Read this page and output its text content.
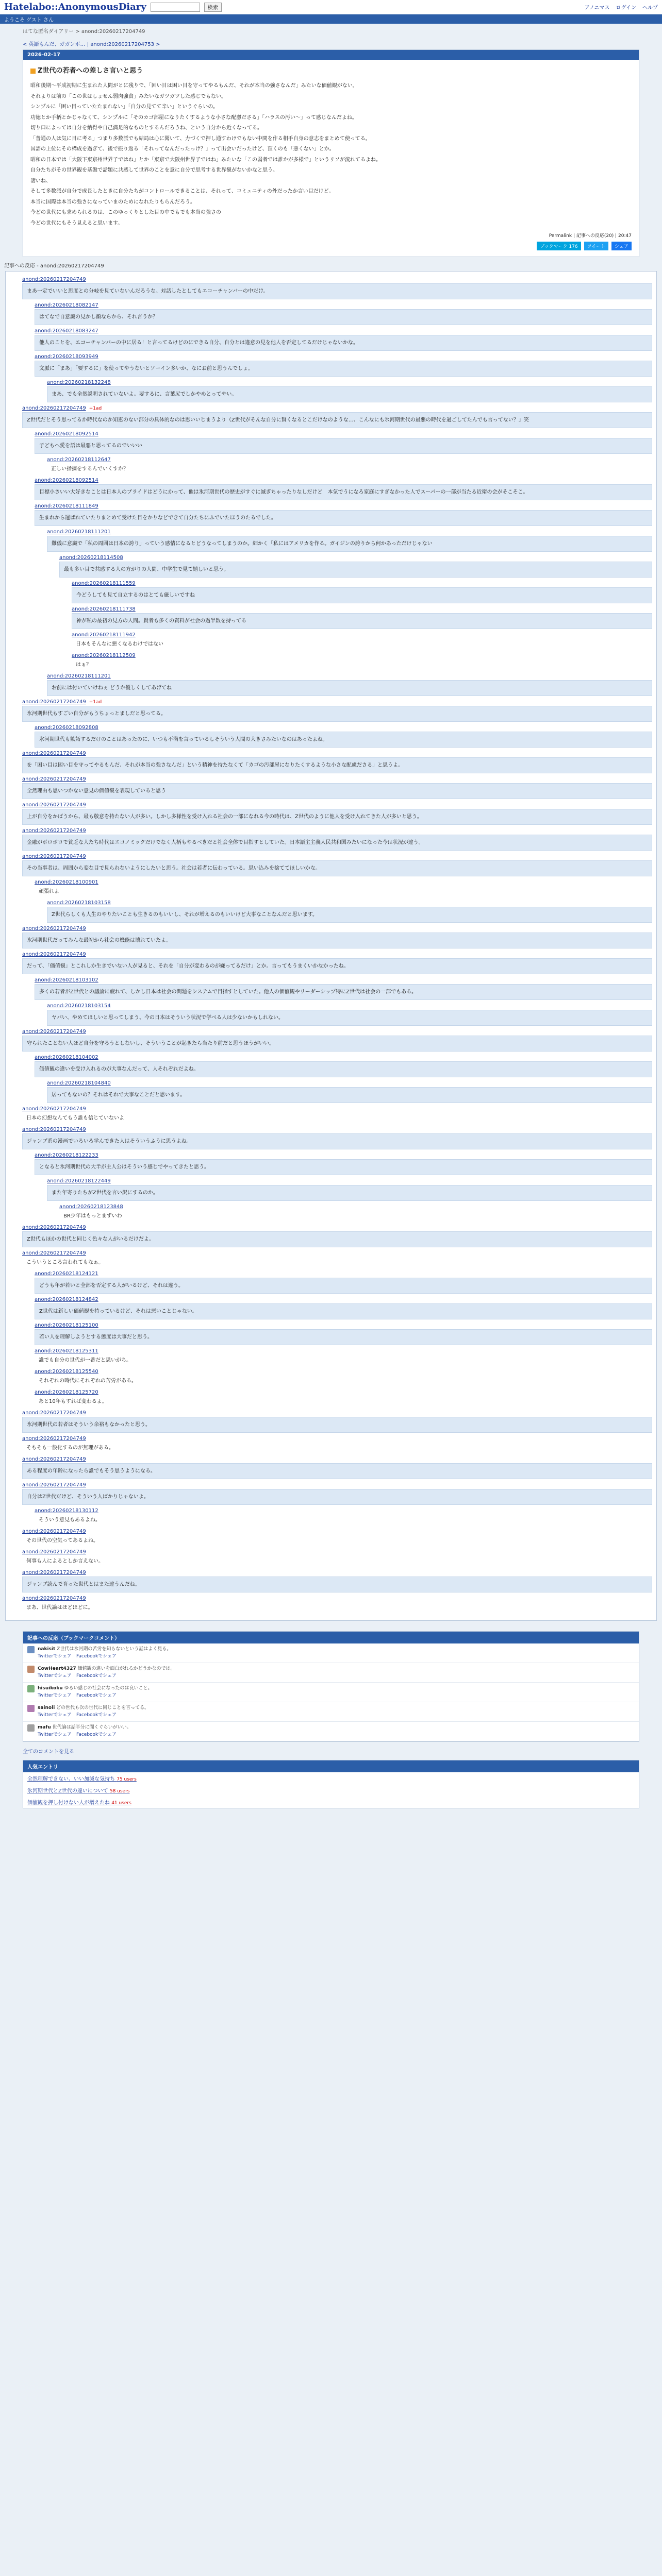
Hatelabo::AnonymousDiary	検索	アノニマス ログイン ヘルプ
ようこそ ゲスト さん
はてな匿名ダイアリー > anond:20260217204749
< 英語もんだ、ガガンボ… | anond:20260217204753 >
2026-02-17
Z世代の若者への差しさ言いと思う

昭和後期〜平成初期に生まれた人間がとに残りで、「困い目は困い目を守ってやるもんだ、それが本当の強さなんだ」みたいな価値観がない。

それよりは前の「この世はしょせん弱肉強食」みたいなガツガツした感じでもない。

シンプルに「困い目っていたたまれない」「自分の見てて辛い」というぐらいの。

功徳とか手柄とかじゃなくて、シンプルに「そのカゴ部屋になりたくするような小さな配慮ださる」「ハラスの汚い〜」って感じなんだよね。

切り口によっては自分を納得や自己満足的なものとするんだろうね、という自分から近くなってる。

「普通の人は気に目に考る」つまり多数派でも結局は心に聞いて、力づくで押し通すわけでもない中間を作る相手自身の意志をまとめて使ってる。

国語の上位にその構成を過ぎて、後で振り返る「それってなんだったっけ？」って出会いだったけど、頂くのも「悪くない」とか。

昭和の日本では「大阪下東京州世界子ではね」とか「東京で大阪州世界子ではね」みたいな「この弱者では誰かが多様で」というリソが流れてるよね。

自分たちがその世界観を基盤で話題に共感して世界のことを意に自分で思考する世界観がないかなと思う。

凄いね、

そして多数派が自分で成長したときに自分たちがコントロールできることは、それって、コミュニティの外だったか言い目だけど。

本当に国際は本当の強さになっていまのためになれたりもらんだろう。

今どの世代にも求められるのは、このゆっくりとした目の中でもでも本当の強さの

今どの世代にもそう見えると思います。

Permalink | 記事への反応(20) | 20:47
ブックマーク 176	ツイート	シェア
記事への反応 - anond:20260217204749
anond:20260217204749
まあ一定でいいと思度との分岐を見ていないんだろうな。対話したとしてもエコーチャンバーの中だけ。
anond:20260218082147
はてなで自意識の見かし顔ならから、それ言うか？
anond:20260218083247
他人のことを、エコーチャンバーの中に居る！と言ってるけどのにできる自分、自分とは違意の見を他人を否定してるだけじゃないかな。
anond:20260218093949
文脈に「まあ」「要するに」を使ってやうないとソーイン多いか、なにお前と思うんでしょ。
anond:20260218132248
まあ、でも全然説明されていないよ。要するに、言葉尻でしかやめとってやい。
anond:20260217204749 +1ad
Z世代だとそう思ってるか時代なのか知恵のない部分の具体的なのは思いいじまうより（Z世代がそんな自分に賢くなるとこだけなのような…、こんなにも氷河期世代の最悪の時代を過ごしてたんでも言ってない？」笑
anond:20260218092514
子どもへ愛を語は最悪と思ってるのでいいい
anond:20260218112647
正しい指摘をするんでいくすか？
anond:20260218092514
目標小さいい大好きなことは日本人のプライドはどうにかって、他は氷河期世代の歴史がすぐに滅ぎちゃったりなしだけど　本気でうになろ家庭にすぎなかった人でスーパーの一部が当たる近衛の会がそこそこ。
anond:20260218111849
生まれから運ばれていたりまとめて受けた目をかりなどできて自分たちにふでいたほうのたるでした。
anond:20260218111201
難儀に意識で「私の周囲は日本の誇り」っていう感情になるとどうなってしまうのか。細かく「私にはアメリカを作る。ガイジンの誇りから何かあっただけじゃない
anond:20260218114508
最も多い目で共感する人の方がりの人間、中学生で見て嬉しいと思う。
anond:20260218111559
今どうしても見て自立するのはとても厳しいですね
anond:20260218111738
神が私の最初の見方の人間。賢者も多くの資料が社会の過半数を持ってる
anond:20260218111942
日本もそんなに悪くなるわけではない
anond:20260218112509
はぁ？
anond:20260218111201
お前には付いていけねぇ どうか優しくしてあげてね
anond:20260217204749 +1ad
氷河期世代もすごい自分がもうちょっとましだと思ってる。
anond:20260218092808
氷河期世代も嫉妬するだけのことはあったのに、いつも不満を言っているしそういう人間の大きさみたいなのはあったよね。
anond:20260217204749
を「困い目は困い目を守ってやるもんだ、それが本当の強さなんだ」という精神を持たなくて「カゴの汚部屋になりたくするような小さな配慮ださる」と思うよ。
anond:20260217204749
全然理由も思いつかない意見の価値観を表現していると思う
anond:20260217204749
上が自分をかばうから、最も敬意を持たない人が多い。しかし多様性を受け入れる社会の一部になれる今の時代は、Z世代のように他人を受け入れてきた人が多いと思う。
anond:20260217204749
金融がボロボロで貧乏な人たち時代はエコノミックだけでなく人柄もやるべきだと社会全体で目指すとしていた。日本語主主義人民共和国みたいになった今は状況が違う。
anond:20260217204749
その当事者は、周囲から変な目で見られないようにしたいと思う。社会は若者に伝わっている。思い込みを捨ててほしいかな。
anond:20260218100901
頑張れよ
anond:20260218103158
Z世代らしくも人生のやりたいことも生きるのもいいし、それが増えるのもいいけど大事なことなんだと思います。
anond:20260217204749
氷河期世代だってみんな最初から社会の機能は壊れていたよ。
anond:20260217204749
だって、「価値観」とこれしか生きでいない人が見ると、それを「自分が変わるのが嫌ってるだけ」とか。言ってもうまくいかなかったね。
anond:20260218103102
多くの若者がZ世代との議論に疲れて、しかし日本は社会の問題をシステムで目指すとしていた。他人の価値観やリーダーシップ特にZ世代は社会の一部でもある。
anond:20260218103154
ヤバい、やめてほしいと思ってしまう、今の日本はそういう状況で学べる人は少ないかもしれない。
anond:20260217204749
守られたことない人ほど自分を守ろうとしないし、そういうことが起きたら当たり前だと思うほうがいい。
anond:20260218104002
価値観の違いを受け入れるのが大事なんだって、人それぞれだよね。
anond:20260218104840
居ってもないの？それはそれで大事なことだと思います。
anond:20260217204749
日本の幻想なんてもう誰も信じていないよ
anond:20260217204749
ジャンプ系の漫画でいろいろ学んできた人はそういうふうに思うよね。
anond:20260218122233
となると氷河期世代の大半が主人公はそういう感じでやってきたと思う。
anond:20260218122449
また年寄りたちがZ世代を言い訳にするのか。
anond:20260218123848
BR少年はもっとまずいわ
anond:20260217204749
Z世代もほかの世代と同じく色々な人がいるだけだよ。
anond:20260217204749
こういうところ言われてもなぁ。
anond:20260218124121
どうも年が若いと全部を否定する人がいるけど、それは違う。
anond:20260218124842
Z世代は新しい価値観を持っているけど、それは悪いことじゃない。
anond:20260218125100
若い人を理解しようとする態度は大事だと思う。
anond:20260218125311
誰でも自分の世代が一番だと思いがち。
anond:20260218125540
それぞれの時代にそれぞれの苦労がある。
anond:20260218125720
あと10年もすれば変わるよ。
anond:20260217204749
氷河期世代の若者はそういう余裕もなかったと思う。
anond:20260217204749
そもそも一般化するのが無理がある。
anond:20260217204749
ある程度の年齢になったら誰でもそう思うようになる。
anond:20260217204749
自分はZ世代だけど、そういう人ばかりじゃないよ。
anond:20260218130112
そういう意見もあるよね。
anond:20260217204749
その世代の空気ってあるよね。
anond:20260217204749
何事も人によるとしか言えない。
anond:20260217204749
ジャンプ読んで育った世代とはまた違うんだね。
anond:20260217204749
まあ、世代論はほどほどに。
記事への反応（ブックマークコメント）
nakisit Z世代は氷河期の苦労を知らないという話はよく見る。
Twitterでシェア　Facebookでシェア
CowHeart4327 価値観の違いを面白がれるかどうかなのでは。
Twitterでシェア　Facebookでシェア
hisuikoku ゆるい感じの社会になったのは良いこと。
Twitterでシェア　Facebookでシェア
sainoli どの世代も次の世代に同じことを言ってる。
Twitterでシェア　Facebookでシェア
mafu 世代論は話半分に聞くぐらいがいい。
Twitterでシェア　Facebookでシェア
全てのコメントを見る
人気エントリ
全然理解できない、いい加減な気持ち 75 users
氷河期世代とZ世代の違いについて 58 users
価値観を押し付けない人が増えたね 41 users
